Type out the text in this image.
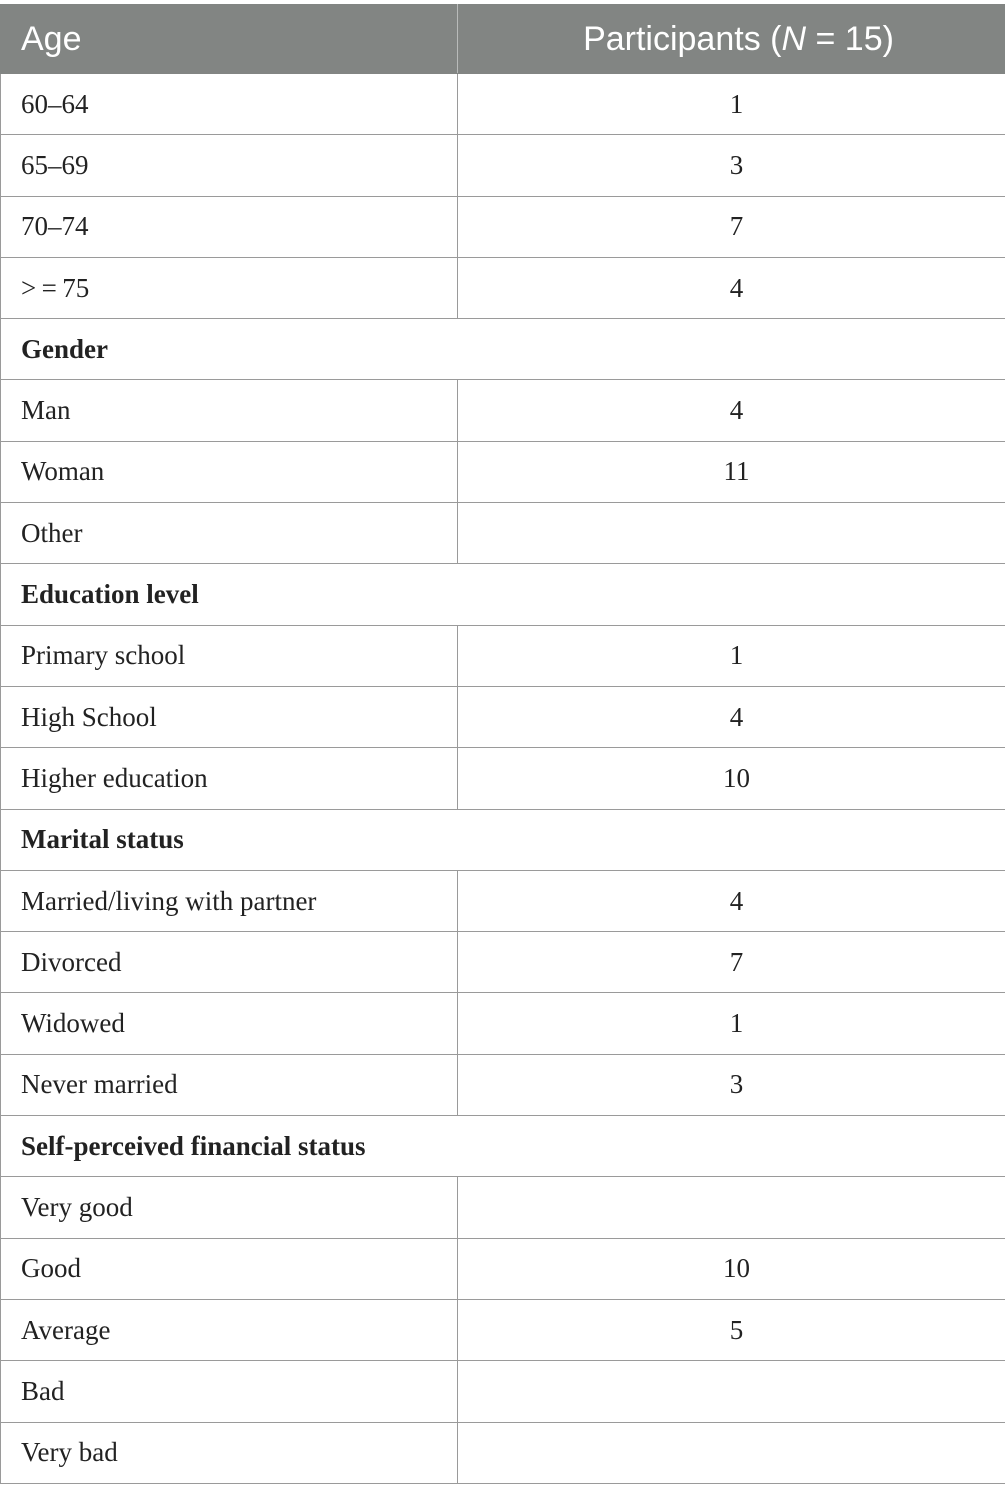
Age	Participants (N = 15)
60–64	1
65–69	3
70–74	7
> = 75	4
Gender	
Man	4
Woman	11
Other	
Education level	
Primary school	1
High School	4
Higher education	10
Marital status	
Married/living with partner	4
Divorced	7
Widowed	1
Never married	3
Self-perceived financial status	
Very good	
Good	10
Average	5
Bad	
Very bad	
